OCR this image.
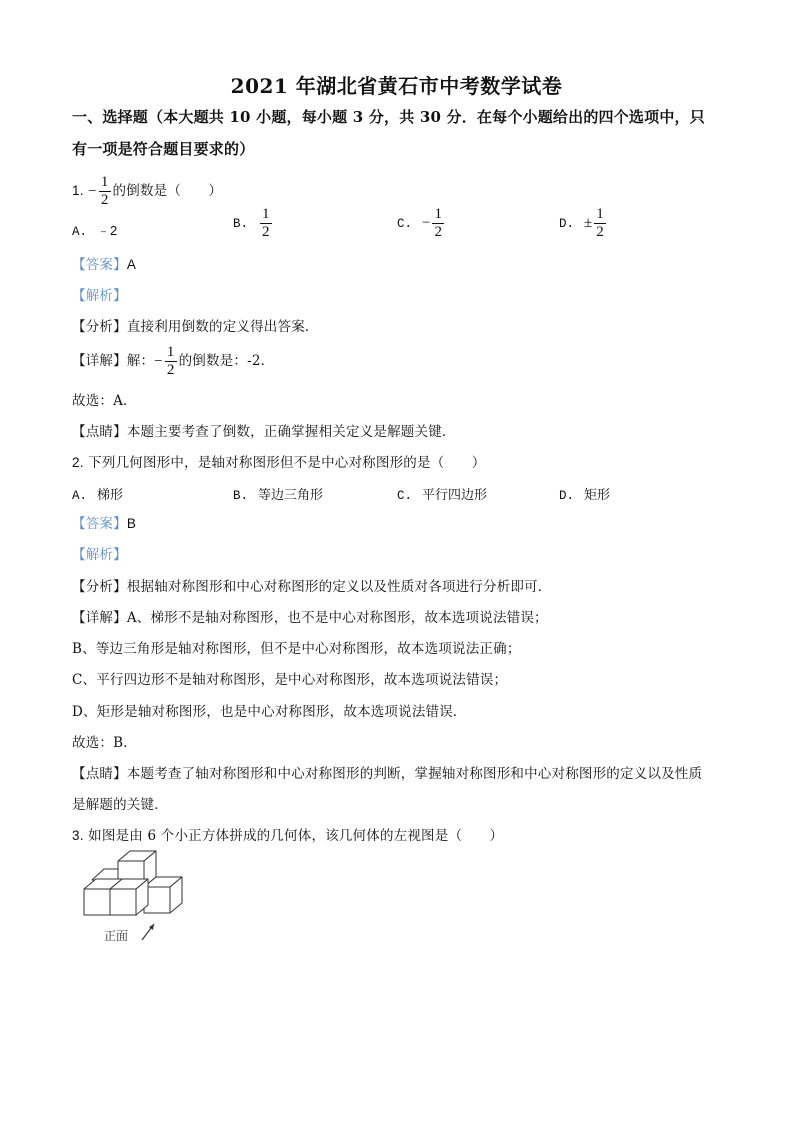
2021 年湖北省黄石市中考数学试卷
一、选择题（本大题共 10 小题，每小题 3 分，共 30 分．在每个小题给出的四个选项中，只
有一项是符合题目要求的）
1. − $\frac{1}{2}$ 的倒数是（　　）
A. ﹣2	B. $\frac{1}{2}$	C. − $\frac{1}{2}$	D. ± $\frac{1}{2}$
【答案】A
【解析】
【分析】直接利用倒数的定义得出答案．
【详解】解：− $\frac{1}{2}$ 的倒数是：-2．
故选：A．
【点睛】本题主要考查了倒数，正确掌握相关定义是解题关键．
2. 下列几何图形中，是轴对称图形但不是中心对称图形的是（　　）
A. 梯形	B. 等边三角形	C. 平行四边形	D. 矩形
【答案】B
【解析】
【分析】根据轴对称图形和中心对称图形的定义以及性质对各项进行分析即可．
【详解】A、梯形不是轴对称图形，也不是中心对称图形，故本选项说法错误；
B、等边三角形是轴对称图形，但不是中心对称图形，故本选项说法正确；
C、平行四边形不是轴对称图形，是中心对称图形，故本选项说法错误；
D、矩形是轴对称图形，也是中心对称图形，故本选项说法错误．
故选：B．
【点睛】本题考查了轴对称图形和中心对称图形的判断，掌握轴对称图形和中心对称图形的定义以及性质
是解题的关键．
3. 如图是由 6 个小正方体拼成的几何体，该几何体的左视图是（　　）
正面
